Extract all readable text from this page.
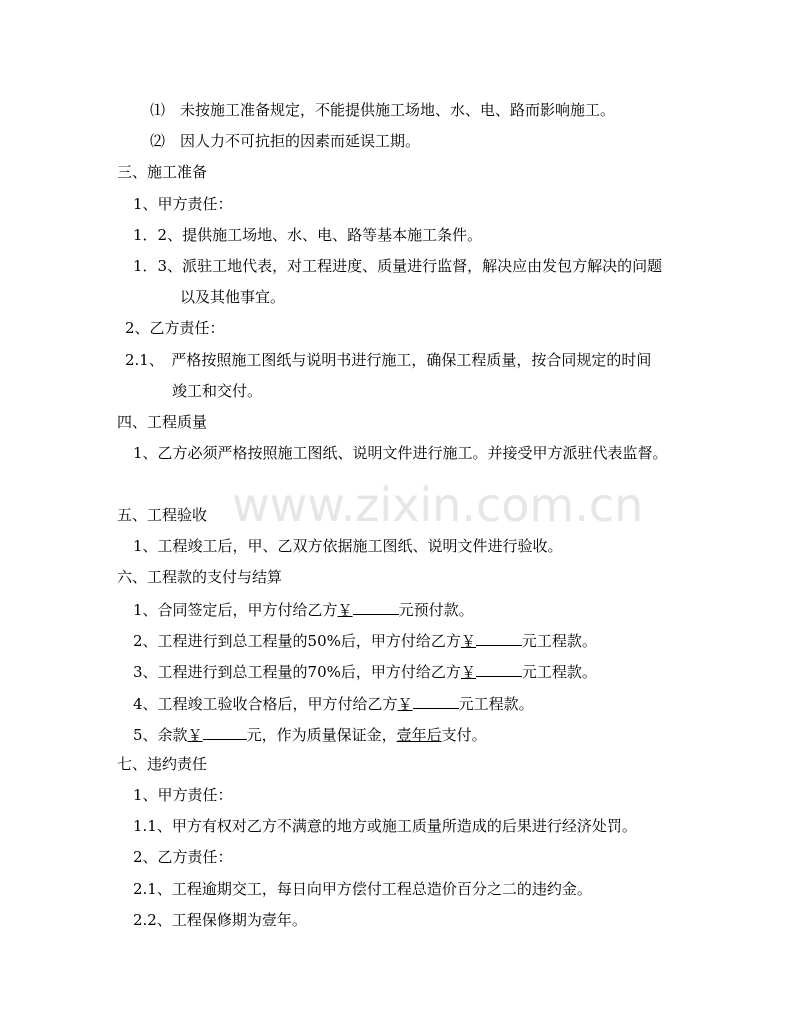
www.zixin.com.cn
⑴　未按施工准备规定，不能提供施工场地、水、电、路而影响施工。
⑵　因人力不可抗拒的因素而延误工期。
三、施工准备
1、甲方责任：
1．2、提供施工场地、水、电、路等基本施工条件。
1．3、派驻工地代表，对工程进度、质量进行监督，解决应由发包方解决的问题
以及其他事宜。
2、乙方责任：
2.1、　严格按照施工图纸与说明书进行施工，确保工程质量，按合同规定的时间
竣工和交付。
四、工程质量
1、乙方必须严格按照施工图纸、说明文件进行施工。并接受甲方派驻代表监督。
五、工程验收
1、工程竣工后，甲、乙双方依据施工图纸、说明文件进行验收。
六、工程款的支付与结算
1、合同签定后，甲方付给乙方￥	元预付款。
2、工程进行到总工程量的50%后，甲方付给乙方￥	元工程款。
3、工程进行到总工程量的70%后，甲方付给乙方￥	元工程款。
4、工程竣工验收合格后，甲方付给乙方￥	元工程款。
5、余款￥	元，作为质量保证金，壹年后支付。
七、违约责任
1、甲方责任：
1.1、甲方有权对乙方不满意的地方或施工质量所造成的后果进行经济处罚。
2、乙方责任：
2.1、工程逾期交工，每日向甲方偿付工程总造价百分之二的违约金。
2.2、工程保修期为壹年。
